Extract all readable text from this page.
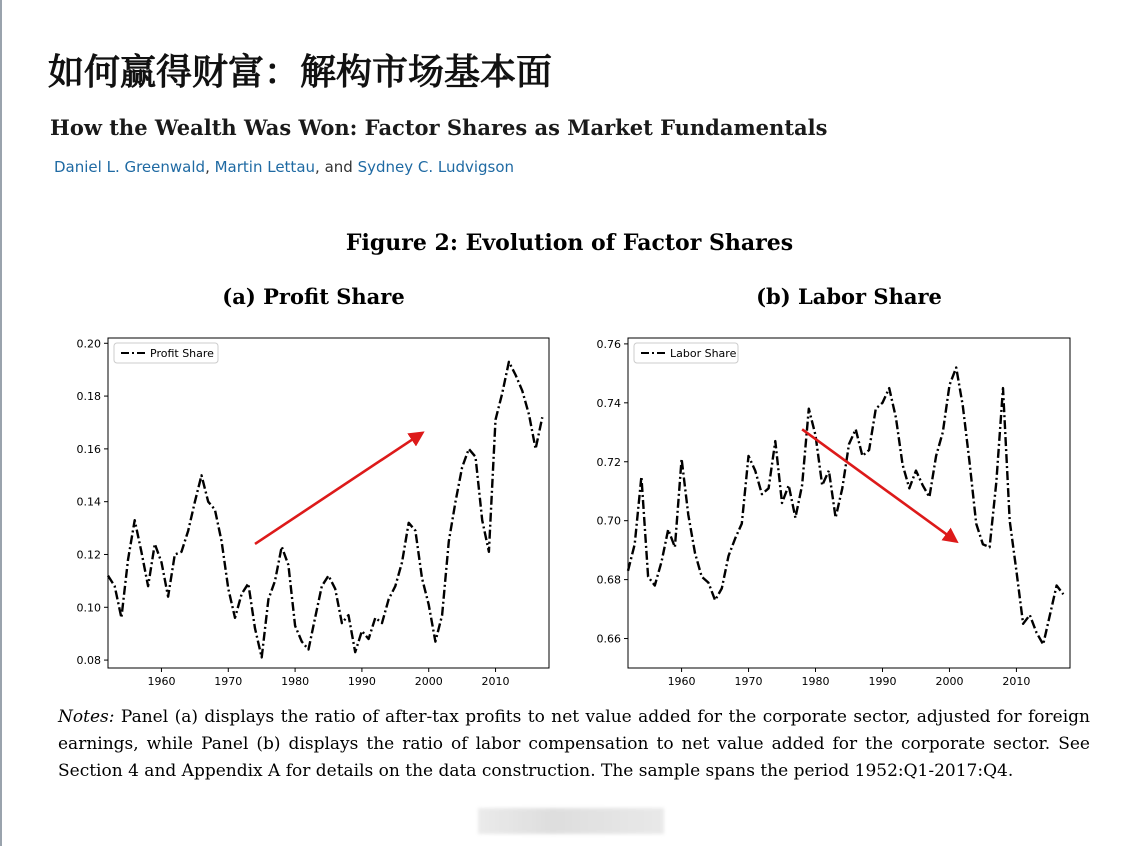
如何赢得财富：解构市场基本面
How the Wealth Was Won: Factor Shares as Market Fundamentals
Daniel L. Greenwald, Martin Lettau, and Sydney C. Ludvigson
Figure 2: Evolution of Factor Shares
(a) Profit Share	(b) Labor Share
0.08
0.10
0.12
0.14
0.16
0.18
0.20
1960	1970	1980	1990	2000	2010
Profit Share
0.66
0.68
0.70
0.72
0.74
0.76
1960	1970	1980	1990	2000	2010
Labor Share

Notes: Panel (a) displays the ratio of after-tax profits to net value added for the corporate sector, adjusted for foreign earnings, while Panel (b) displays the ratio of labor compensation to net value added for the corporate sector. See Section 4 and Appendix A for details on the data construction. The sample spans the period 1952:Q1-2017:Q4.
